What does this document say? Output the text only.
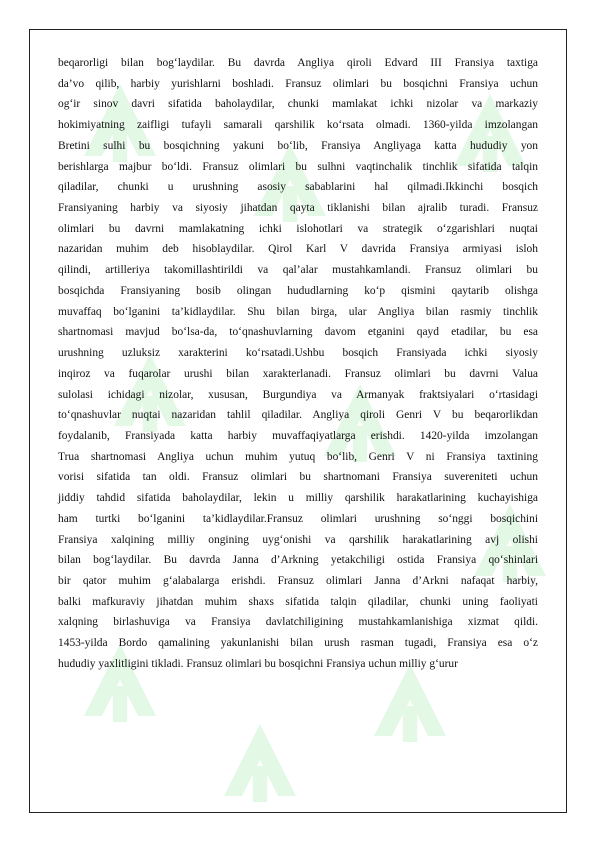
beqarorligi bilan bog‘laydilar. Bu davrda Angliya qiroli Edvard III Fransiya taxtiga
da’vo qilib, harbiy yurishlarni boshladi. Fransuz olimlari bu bosqichni Fransiya uchun
og‘ir sinov davri sifatida baholaydilar, chunki mamlakat ichki nizolar va markaziy
hokimiyatning zaifligi tufayli samarali qarshilik ko‘rsata olmadi. 1360-yilda imzolangan
Bretini sulhi bu bosqichning yakuni bo‘lib, Fransiya Angliyaga katta hududiy yon
berishlarga majbur bo‘ldi. Fransuz olimlari bu sulhni vaqtinchalik tinchlik sifatida talqin
qiladilar, chunki u urushning asosiy sabablarini hal qilmadi.Ikkinchi bosqich
Fransiyaning harbiy va siyosiy jihatdan qayta tiklanishi bilan ajralib turadi. Fransuz
olimlari bu davrni mamlakatning ichki islohotlari va strategik o‘zgarishlari nuqtai
nazaridan muhim deb hisoblaydilar. Qirol Karl V davrida Fransiya armiyasi isloh
qilindi, artilleriya takomillashtirildi va qal’alar mustahkamlandi. Fransuz olimlari bu
bosqichda Fransiyaning bosib olingan hududlarning ko‘p qismini qaytarib olishga
muvaffaq bo‘lganini ta’kidlaydilar. Shu bilan birga, ular Angliya bilan rasmiy tinchlik
shartnomasi mavjud bo‘lsa-da, to‘qnashuvlarning davom etganini qayd etadilar, bu esa
urushning uzluksiz xarakterini ko‘rsatadi.Ushbu bosqich Fransiyada ichki siyosiy
inqiroz va fuqarolar urushi bilan xarakterlanadi. Fransuz olimlari bu davrni Valua
sulolasi ichidagi nizolar, xususan, Burgundiya va Armanyak fraktsiyalari o‘rtasidagi
to‘qnashuvlar nuqtai nazaridan tahlil qiladilar. Angliya qiroli Genri V bu beqarorlikdan
foydalanib, Fransiyada katta harbiy muvaffaqiyatlarga erishdi. 1420-yilda imzolangan
Trua shartnomasi Angliya uchun muhim yutuq bo‘lib, Genri V ni Fransiya taxtining
vorisi sifatida tan oldi. Fransuz olimlari bu shartnomani Fransiya suvereniteti uchun
jiddiy tahdid sifatida baholaydilar, lekin u milliy qarshilik harakatlarining kuchayishiga
ham turtki bo‘lganini ta’kidlaydilar.Fransuz olimlari urushning so‘nggi bosqichini
Fransiya xalqining milliy ongining uyg‘onishi va qarshilik harakatlarining avj olishi
bilan bog‘laydilar. Bu davrda Janna d’Arkning yetakchiligi ostida Fransiya qo‘shinlari
bir qator muhim g‘alabalarga erishdi. Fransuz olimlari Janna d’Arkni nafaqat harbiy,
balki mafkuraviy jihatdan muhim shaxs sifatida talqin qiladilar, chunki uning faoliyati
xalqning birlashuviga va Fransiya davlatchiligining mustahkamlanishiga xizmat qildi.
1453-yilda Bordo qamalining yakunlanishi bilan urush rasman tugadi, Fransiya esa o‘z
hududiy yaxlitligini tikladi. Fransuz olimlari bu bosqichni Fransiya uchun milliy g‘urur
